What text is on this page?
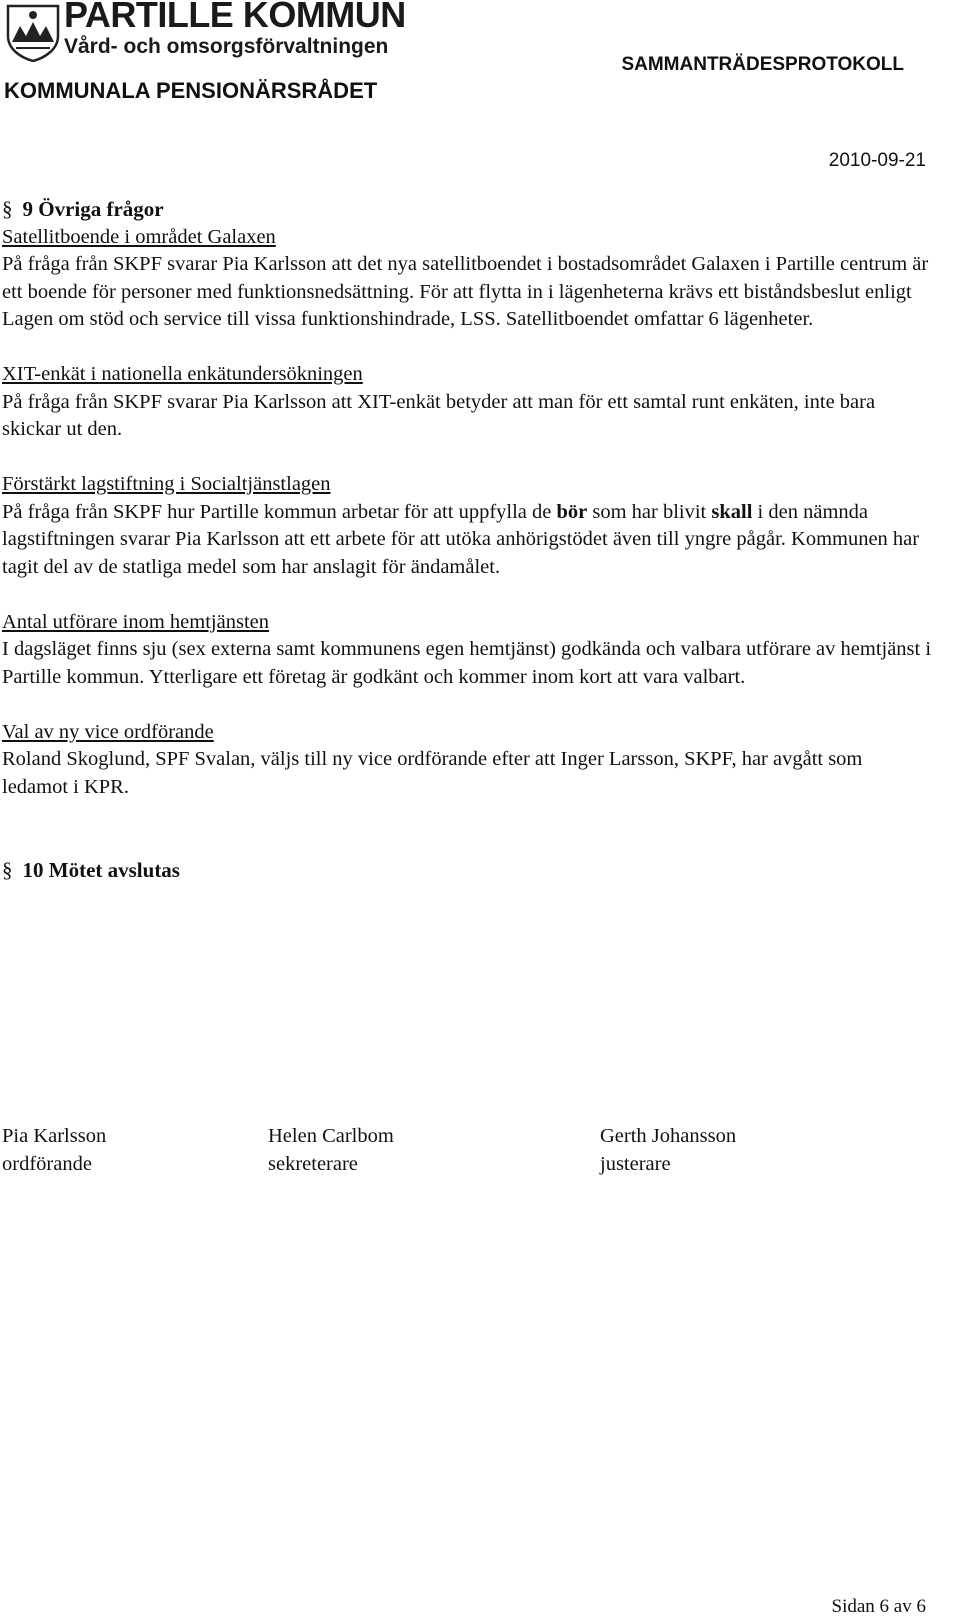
PARTILLE KOMMUN
Vård- och omsorgsförvaltningen
SAMMANTRÄDESPROTOKOLL
KOMMUNALA PENSIONÄRSRÅDET
2010-09-21

§ 9 Övriga frågor

Satellitboende i området Galaxen

På fråga från SKPF svarar Pia Karlsson att det nya satellitboendet i bostadsområdet Galaxen i Partille centrum är ett boende för personer med funktionsnedsättning. För att flytta in i lägenheterna krävs ett biståndsbeslut enligt Lagen om stöd och service till vissa funktionshindrade, LSS. Satellitboendet omfattar 6 lägenheter.

XIT-enkät i nationella enkätundersökningen

På fråga från SKPF svarar Pia Karlsson att XIT-enkät betyder att man för ett samtal runt enkäten, inte bara skickar ut den.

Förstärkt lagstiftning i Socialtjänstlagen

På fråga från SKPF hur Partille kommun arbetar för att uppfylla de bör som har blivit skall i den nämnda lagstiftningen svarar Pia Karlsson att ett arbete för att utöka anhörigstödet även till yngre pågår. Kommunen har tagit del av de statliga medel som har anslagit för ändamålet.

Antal utförare inom hemtjänsten

I dagsläget finns sju (sex externa samt kommunens egen hemtjänst) godkända och valbara utförare av hemtjänst i Partille kommun. Ytterligare ett företag är godkänt och kommer inom kort att vara valbart.

Val av ny vice ordförande

Roland Skoglund, SPF Svalan, väljs till ny vice ordförande efter att Inger Larsson, SKPF, har avgått som ledamot i KPR.

§ 10 Mötet avslutas

Pia Karlsson
ordförande
Helen Carlbom
sekreterare
Gerth Johansson
justerare
Sidan 6 av 6
